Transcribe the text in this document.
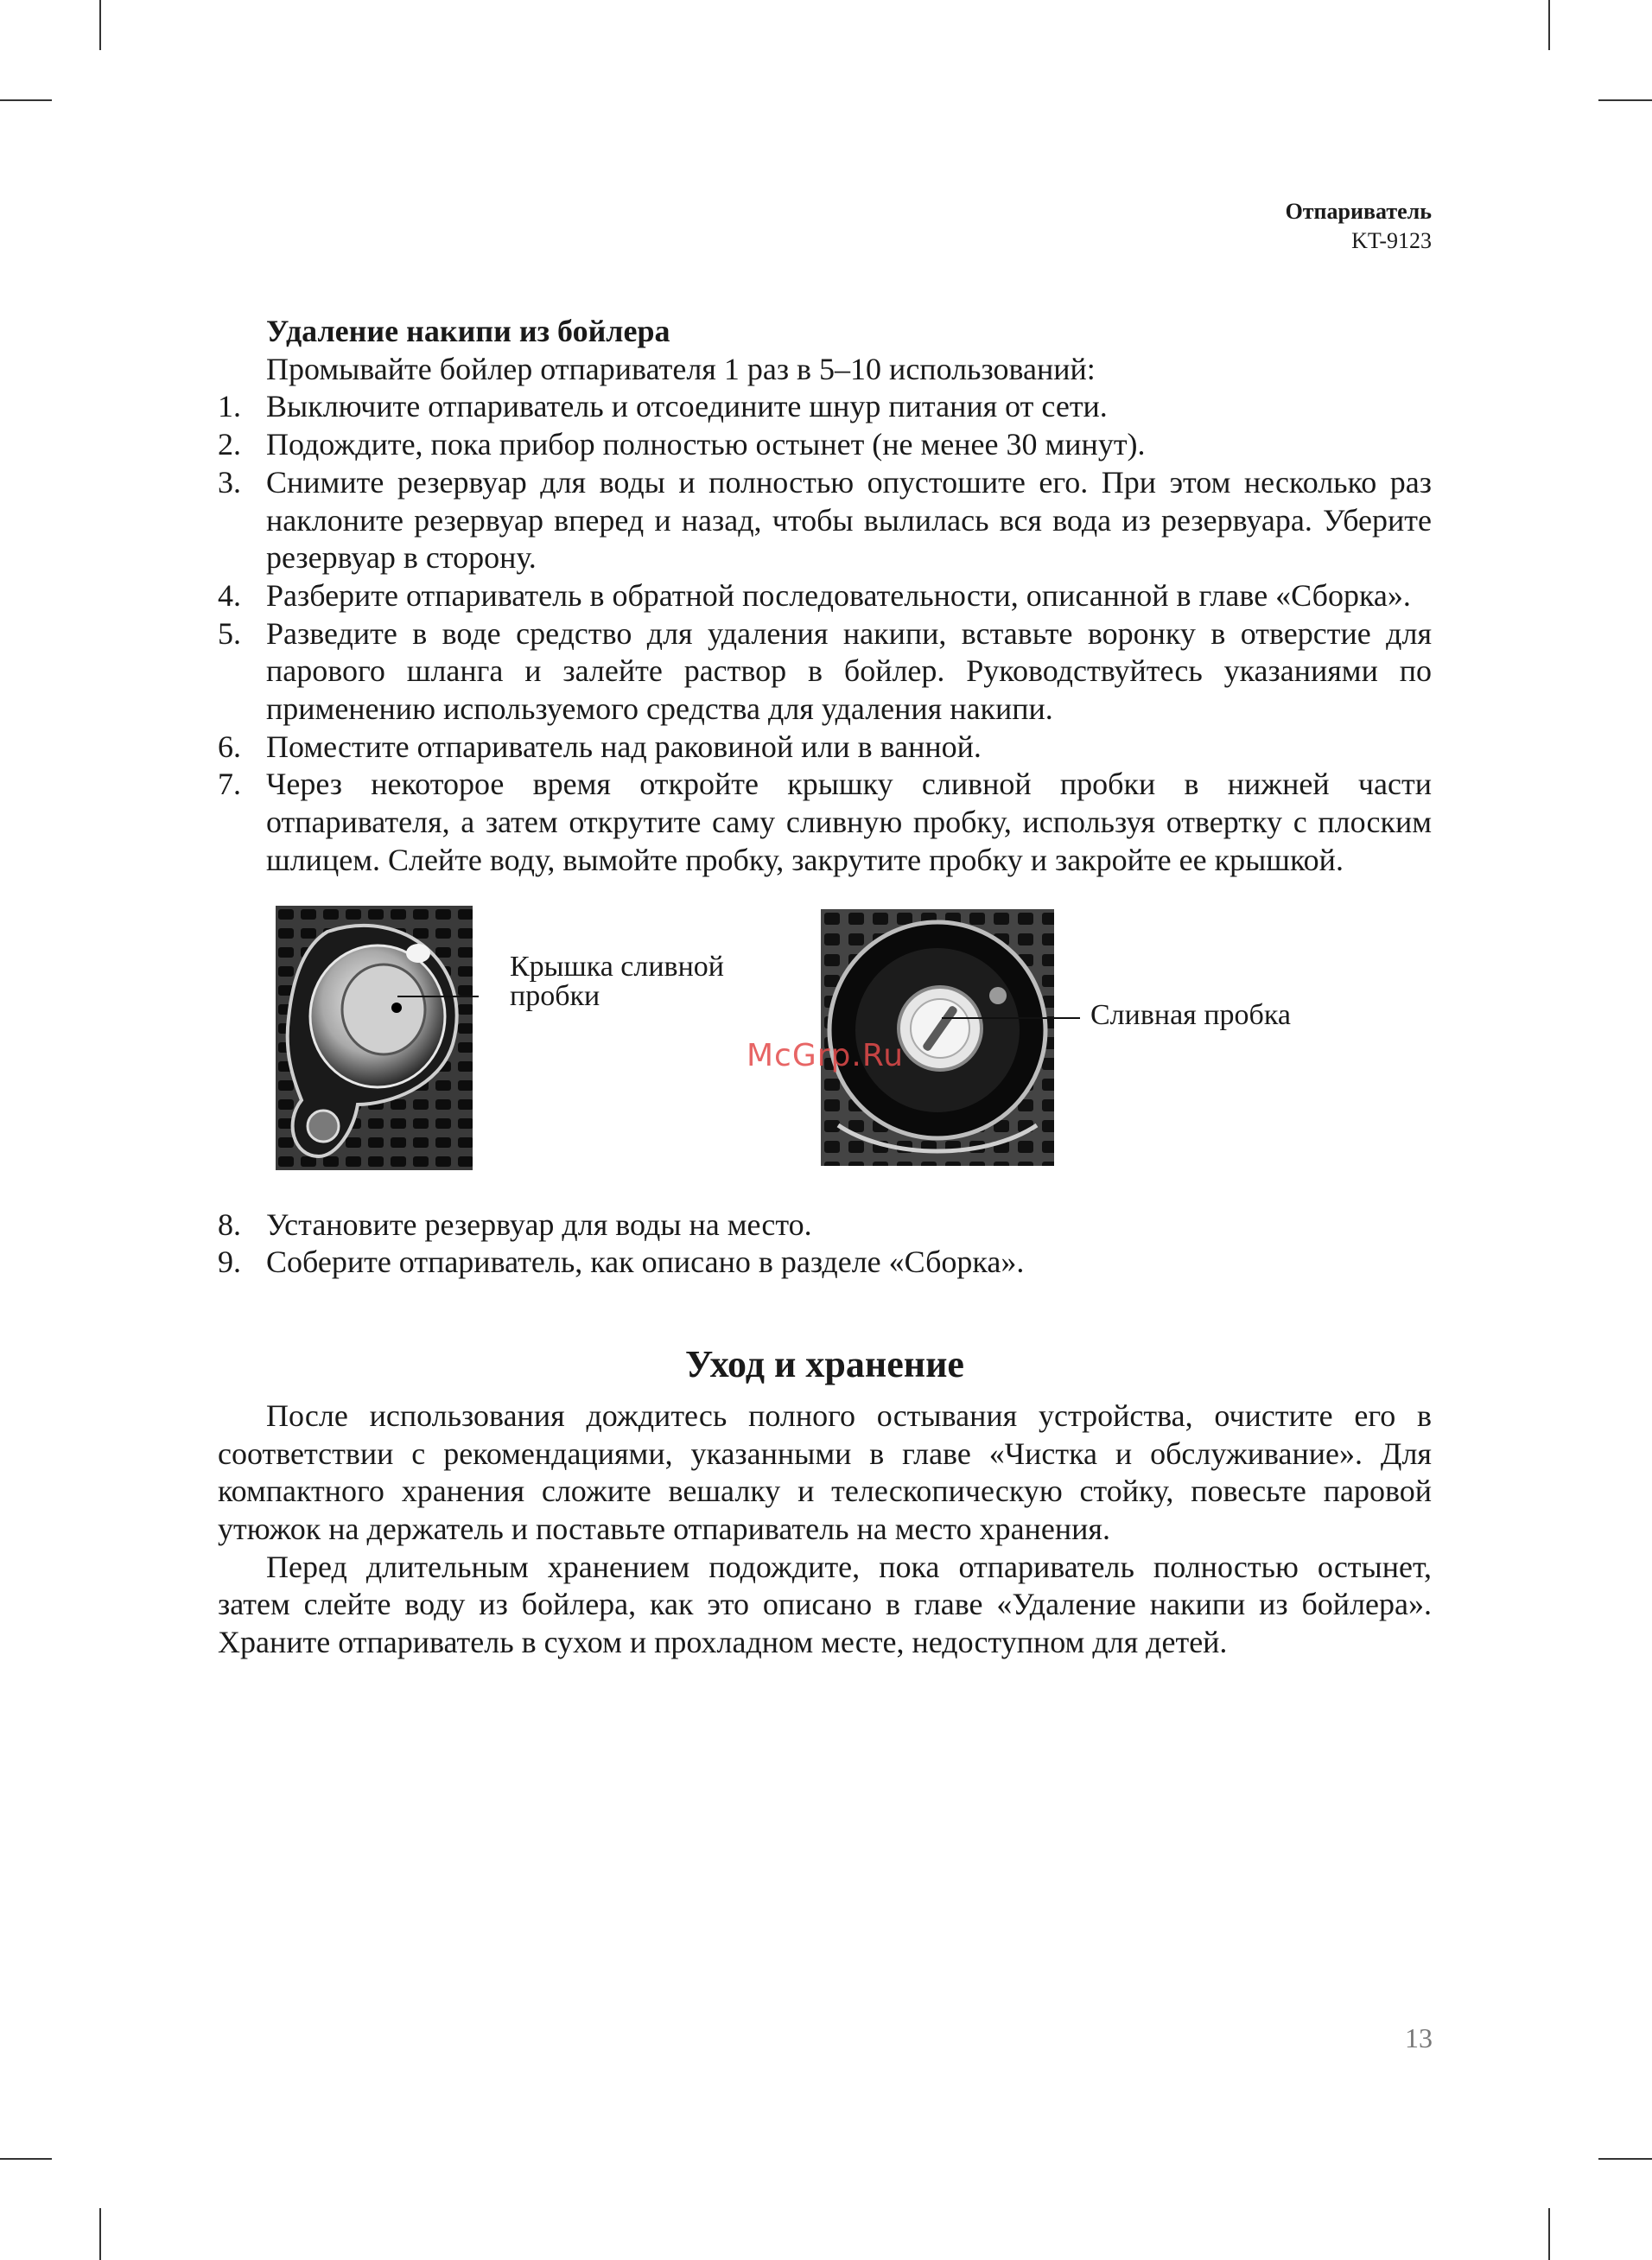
Отпариватель
KT-9123
Удаление накипи из бойлера
Промывайте бойлер отпаривателя 1 раз в 5–10 использований:
1. Выключите отпариватель и отсоедините шнур питания от сети.
2. Подождите, пока прибор полностью остынет (не менее 30 минут).
3. Снимите резервуар для воды и полностью опустошите его. При этом несколько раз наклоните резервуар вперед и назад, чтобы вылилась вся вода из резервуара. Уберите резервуар в сторону.
4. Разберите отпариватель в обратной последовательности, описанной в главе «Сборка».
5. Разведите в воде средство для удаления накипи, вставьте воронку в отверстие для парового шланга и залейте раствор в бойлер. Руководствуйтесь указаниями по применению используемого средства для удаления накипи.
6. Поместите отпариватель над раковиной или в ванной.
7. Через некоторое время откройте крышку сливной пробки в нижней части отпаривателя, а затем открутите саму сливную пробку, используя отвертку с плоским шлицем. Слейте воду, вымойте пробку, закрутите пробку и закройте ее крышкой.
Крышка сливной
пробки
Сливная пробка
McGrp.Ru
8. Установите резервуар для воды на место.
9. Соберите отпариватель, как описано в разделе «Сборка».
Уход и хранение
После использования дождитесь полного остывания устройства, очистите его в соответствии с рекомендациями, указанными в главе «Чистка и обслуживание». Для компактного хранения сложите вешалку и телескопическую стойку, повесьте паровой утюжок на держатель и поставьте отпариватель на место хранения.
Перед длительным хранением подождите, пока отпариватель полностью остынет, затем слейте воду из бойлера, как это описано в главе «Удаление накипи из бойлера». Храните отпариватель в сухом и прохладном месте, недоступном для детей.
13
